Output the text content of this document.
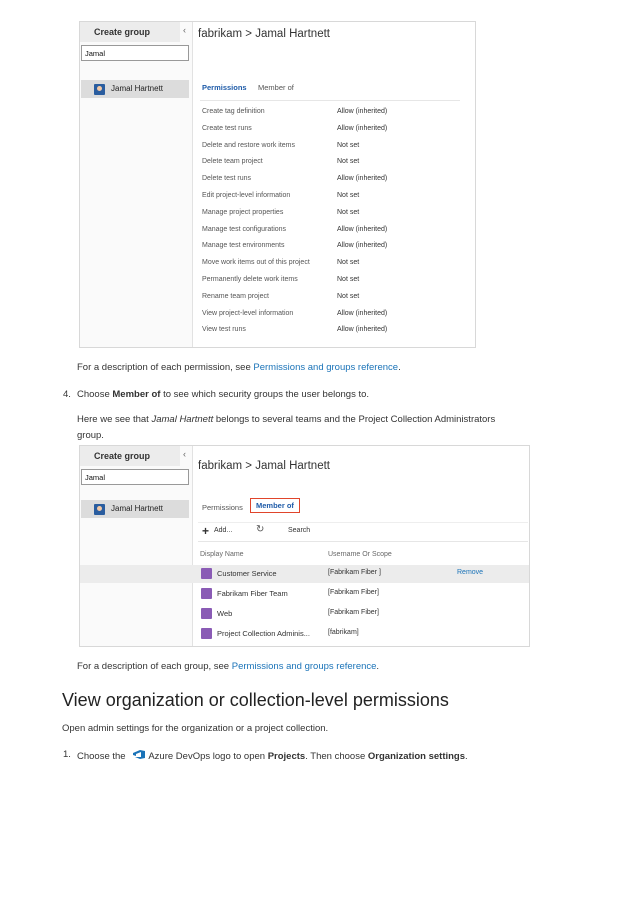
Create group	‹
Jamal
Jamal Hartnett
fabrikam > Jamal Hartnett
Permissions Member of
Create tag definition	Allow (inherited)
Create test runs	Allow (inherited)
Delete and restore work items	Not set
Delete team project	Not set
Delete test runs	Allow (inherited)
Edit project-level information	Not set
Manage project properties	Not set
Manage test configurations	Allow (inherited)
Manage test environments	Allow (inherited)
Move work items out of this project	Not set
Permanently delete work items	Not set
Rename team project	Not set
View project-level information	Allow (inherited)
View test runs	Allow (inherited)
For a description of each permission, see Permissions and groups reference.
4. Choose Member of to see which security groups the user belongs to.
Here we see that Jamal Hartnett belongs to several teams and the Project Collection Administrators
group.
Create group	‹
Jamal
Jamal Hartnett
fabrikam > Jamal Hartnett
Permissions	Member of
+ Add... ↻	Search
Display Name	Username Or Scope
Customer Service	[Fabrikam Fiber ]	Remove
Fabrikam Fiber Team	[Fabrikam Fiber]
Web	[Fabrikam Fiber]
Project Collection Adminis...	[fabrikam]
For a description of each group, see Permissions and groups reference.
View organization or collection-level permissions
Open admin settings for the organization or a project collection.
1. Choose the  Azure DevOps logo to open Projects. Then choose Organization settings.
